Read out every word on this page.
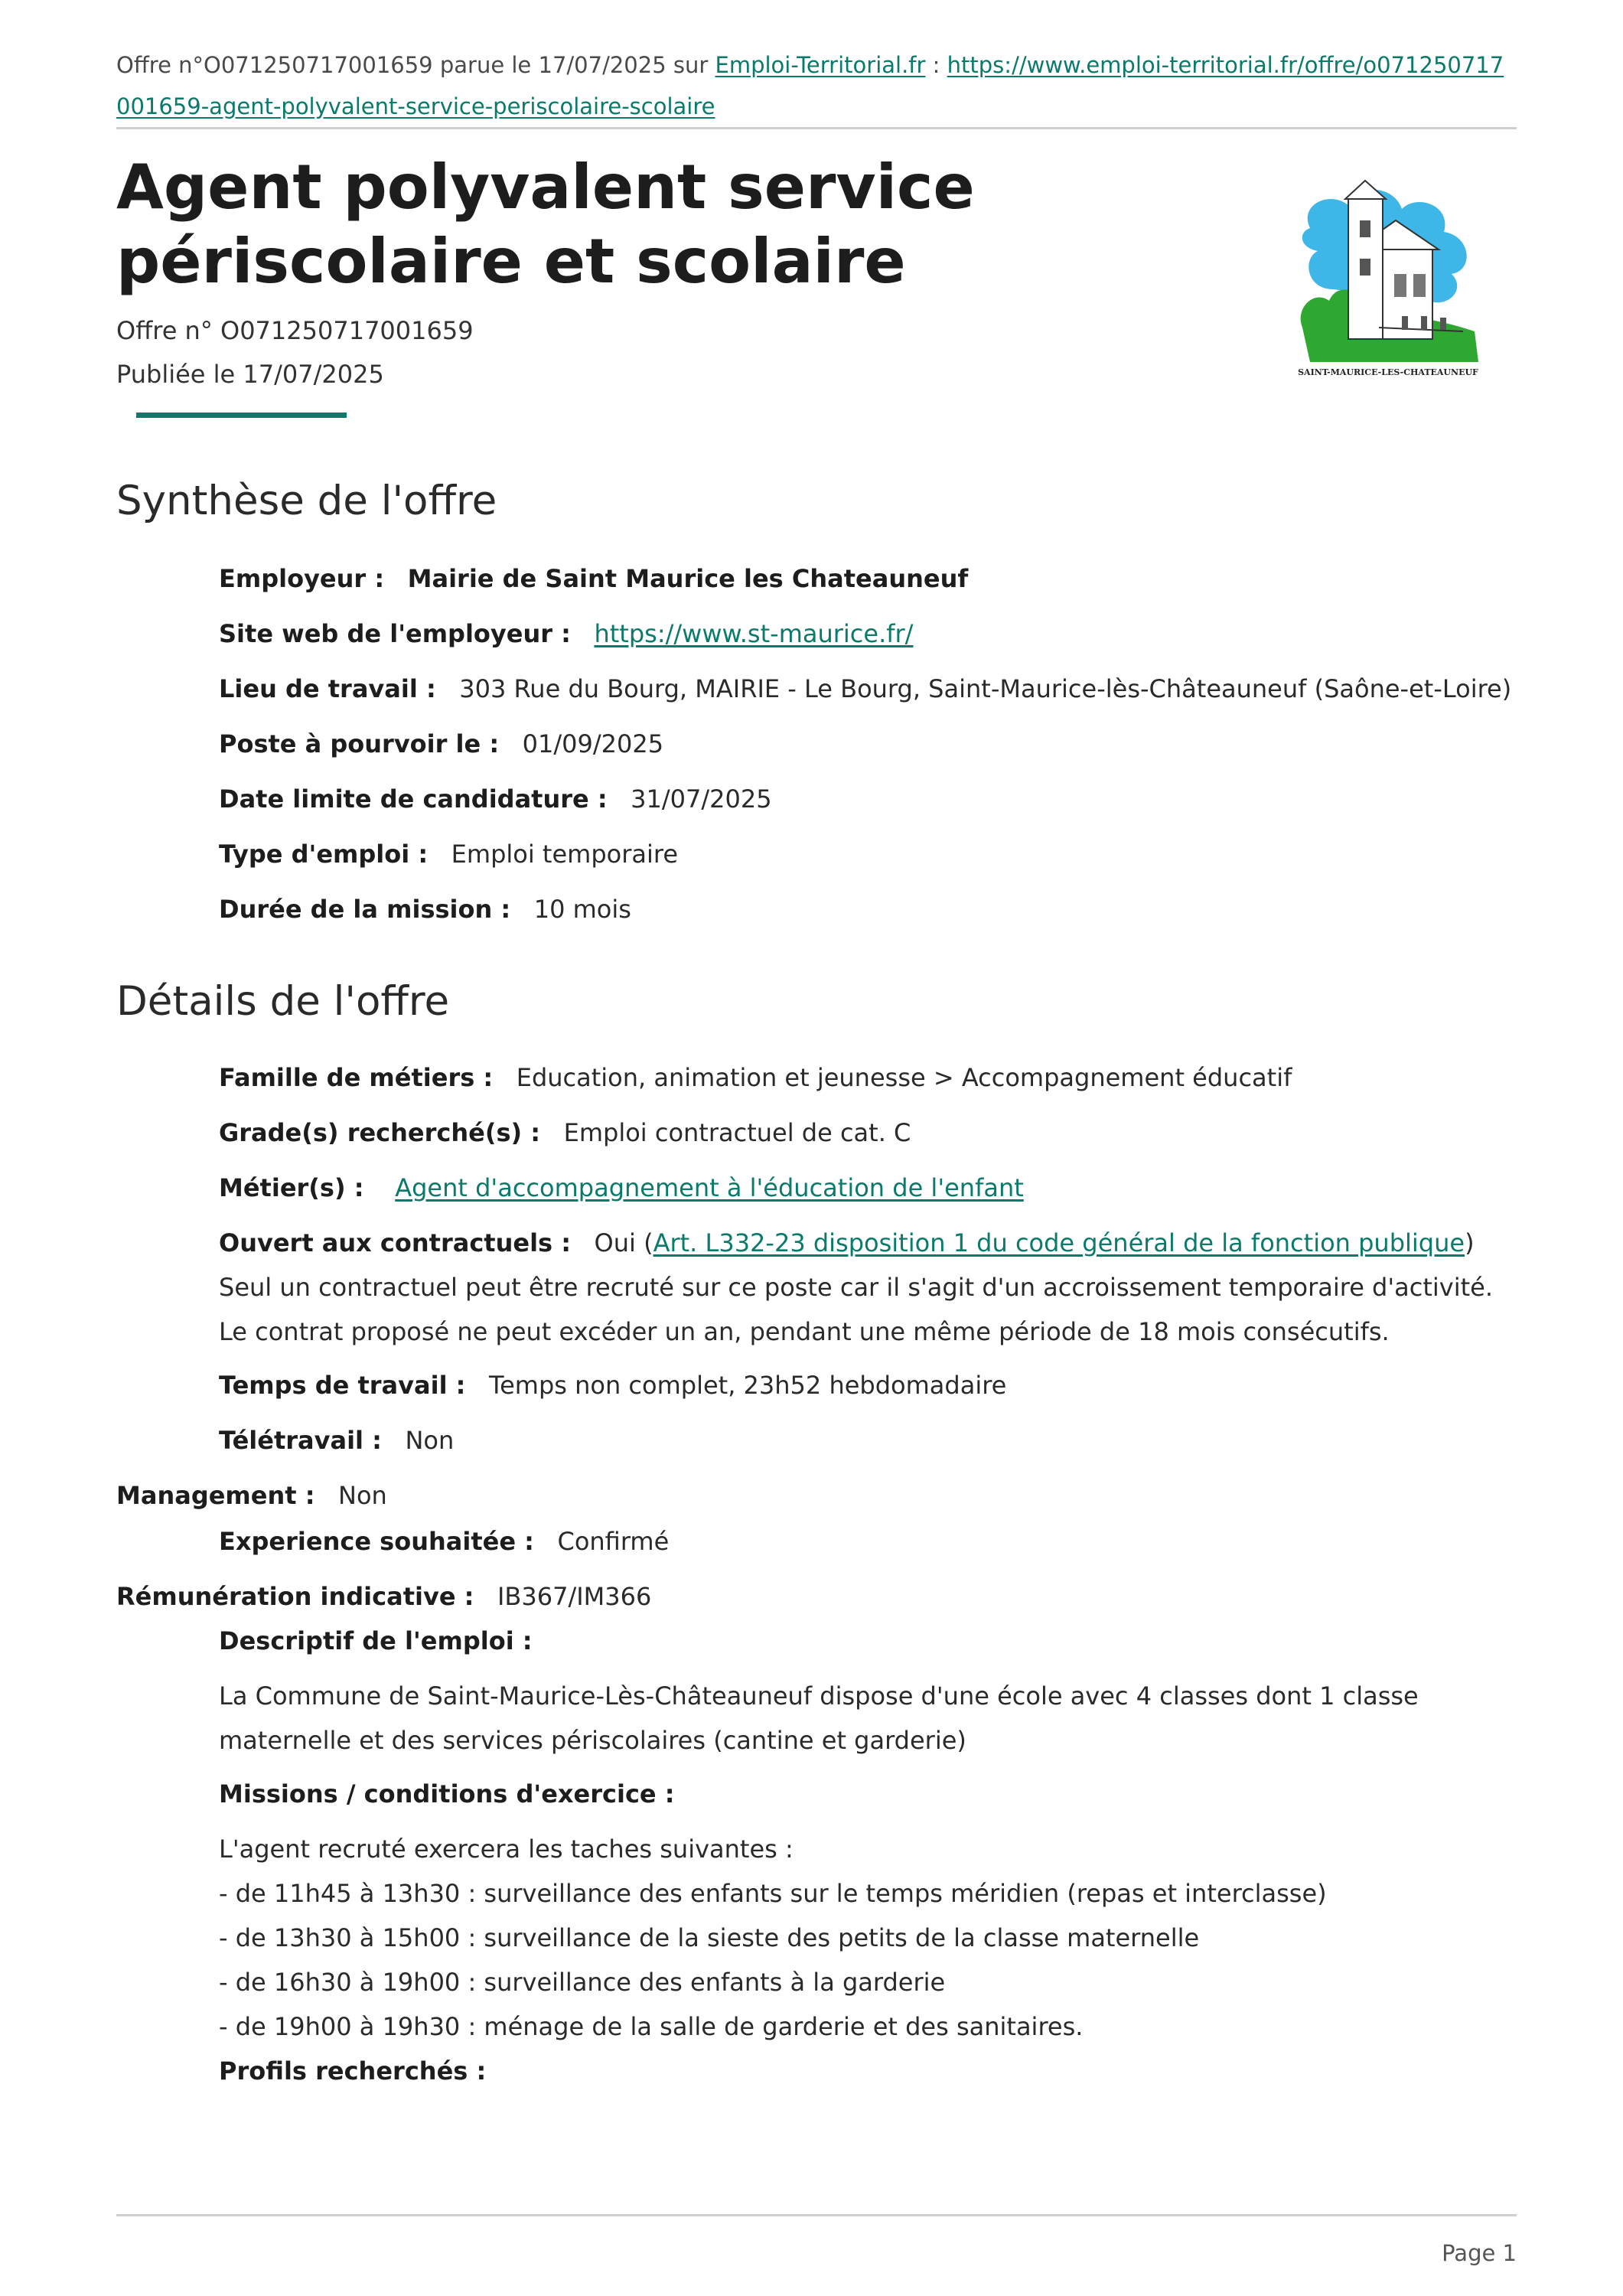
Offre n°O071250717001659 parue le 17/07/2025 sur Emploi-Territorial.fr : https://www.emploi-territorial.fr/offre/o071250717001659-agent-polyvalent-service-periscolaire-scolaire
Agent polyvalent service périscolaire et scolaire
Offre n° O071250717001659
Publiée le 17/07/2025	SAINT-MAURICE-LES-CHATEAUNEUF
Synthèse de l'offre
Employeur : Mairie de Saint Maurice les Chateauneuf
Site web de l'employeur : https://www.st-maurice.fr/
Lieu de travail : 303 Rue du Bourg, MAIRIE - Le Bourg, Saint-Maurice-lès-Châteauneuf (Saône-et-Loire)
Poste à pourvoir le : 01/09/2025
Date limite de candidature : 31/07/2025
Type d'emploi : Emploi temporaire
Durée de la mission : 10 mois
Détails de l'offre
Famille de métiers : Education, animation et jeunesse > Accompagnement éducatif
Grade(s) recherché(s) : Emploi contractuel de cat. C
Métier(s) : Agent d'accompagnement à l'éducation de l'enfant
Ouvert aux contractuels : Oui (Art. L332-23 disposition 1 du code général de la fonction publique)
Seul un contractuel peut être recruté sur ce poste car il s'agit d'un accroissement temporaire d'activité. Le contrat proposé ne peut excéder un an, pendant une même période de 18 mois consécutifs.
Temps de travail : Temps non complet, 23h52 hebdomadaire
Télétravail : Non
Management : Non
Experience souhaitée : Confirmé
Rémunération indicative : IB367/IM366
Descriptif de l'emploi :
La Commune de Saint-Maurice-Lès-Châteauneuf dispose d'une école avec 4 classes dont 1 classe maternelle et des services périscolaires (cantine et garderie)
Missions / conditions d'exercice :
L'agent recruté exercera les taches suivantes :
- de 11h45 à 13h30 : surveillance des enfants sur le temps méridien (repas et interclasse)
- de 13h30 à 15h00 : surveillance de la sieste des petits de la classe maternelle
- de 16h30 à 19h00 : surveillance des enfants à la garderie
- de 19h00 à 19h30 : ménage de la salle de garderie et des sanitaires.
Profils recherchés :
Page 1
